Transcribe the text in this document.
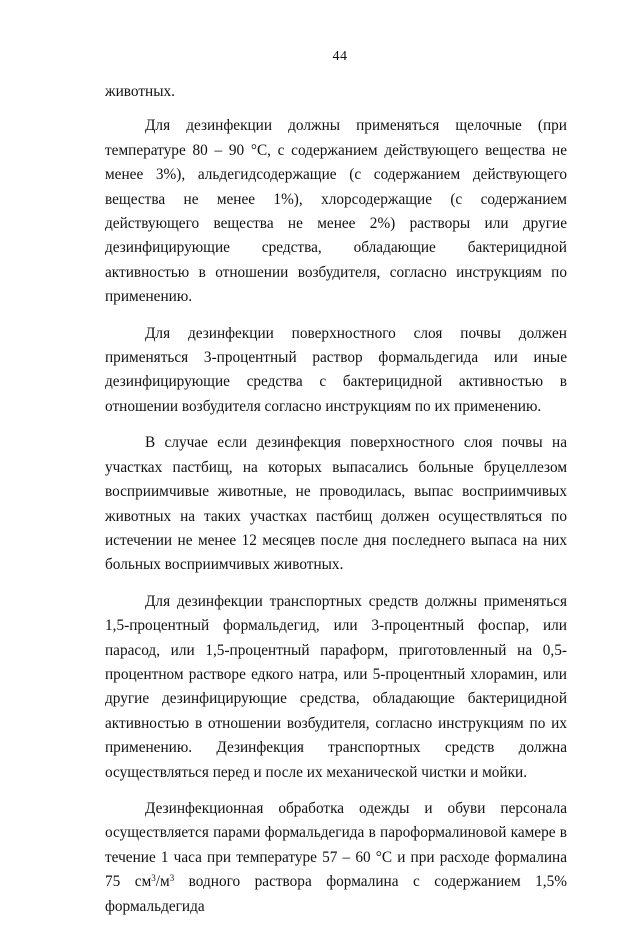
44

животных.

Для дезинфекции должны применяться щелочные (при температуре 80 – 90 °С, с содержанием действующего вещества не менее 3%), альдегидсодержащие (с содержанием действующего вещества не менее 1%), хлорсодержащие (с содержанием действующего вещества не менее 2%) растворы или другие дезинфицирующие средства, обладающие бактерицидной активностью в отношении возбудителя, согласно инструкциям по применению.

Для дезинфекции поверхностного слоя почвы должен применяться 3-процентный раствор формальдегида или иные дезинфицирующие средства с бактерицидной активностью в отношении возбудителя согласно инструкциям по их применению.

В случае если дезинфекция поверхностного слоя почвы на участках пастбищ, на которых выпасались больные бруцеллезом восприимчивые животные, не проводилась, выпас восприимчивых животных на таких участках пастбищ должен осуществляться по истечении не менее 12 месяцев после дня последнего выпаса на них больных восприимчивых животных.

Для дезинфекции транспортных средств должны применяться 1,5-процентный формальдегид, или 3-процентный фоспар, или парасод, или 1,5-процентный параформ, приготовленный на 0,5-процентном растворе едкого натра, или 5-процентный хлорамин, или другие дезинфицирующие средства, обладающие бактерицидной активностью в отношении возбудителя, согласно инструкциям по их применению. Дезинфекция транспортных средств должна осуществляться перед и после их механической чистки и мойки.

Дезинфекционная обработка одежды и обуви персонала осуществляется парами формальдегида в пароформалиновой камере в течение 1 часа при температуре 57 – 60 °С и при расходе формалина 75 $см^3/м^3$ водного раствора формалина с содержанием 1,5% формальдегида
